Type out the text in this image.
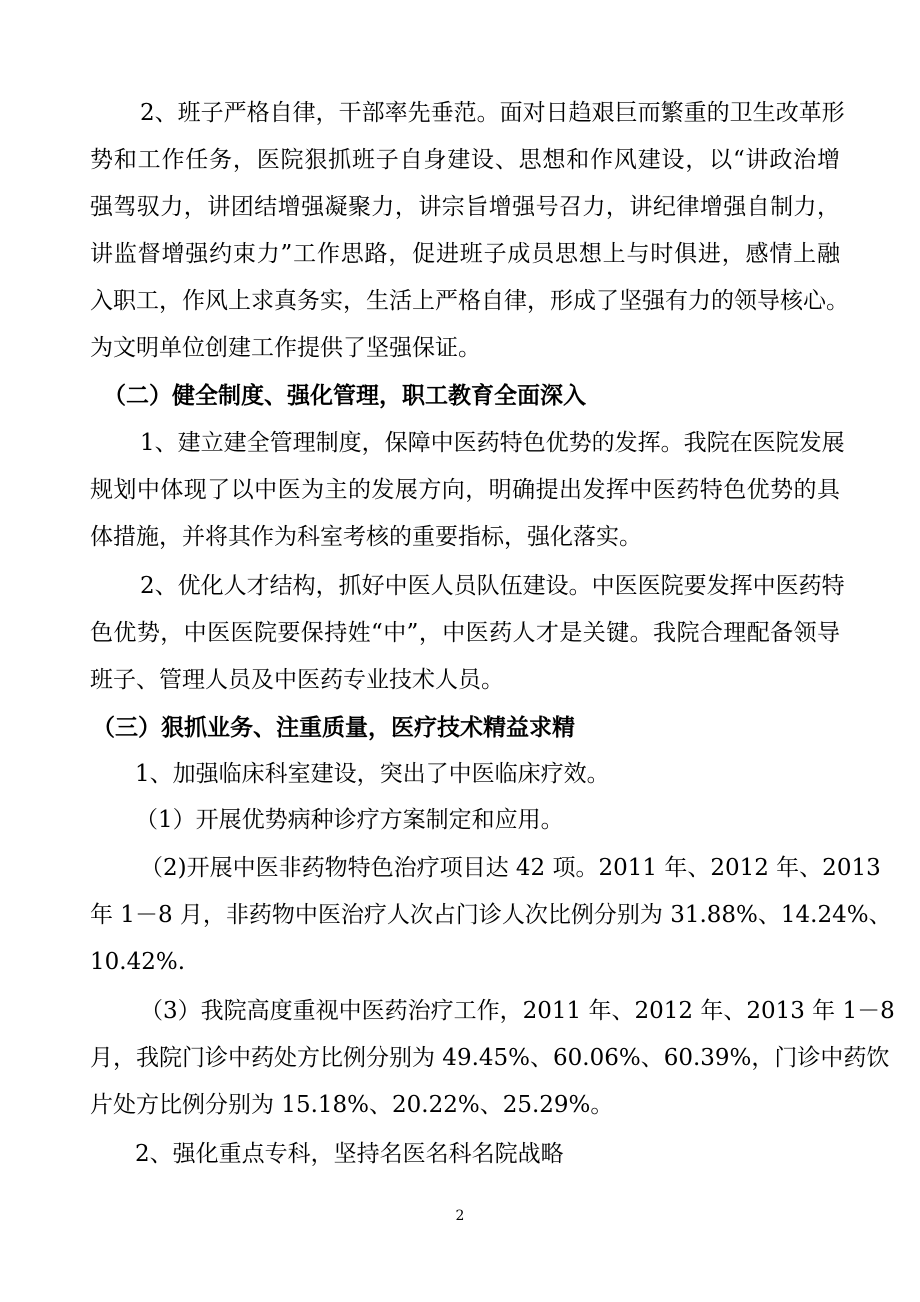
2、班子严格自律，干部率先垂范。面对日趋艰巨而繁重的卫生改革形
势和工作任务，医院狠抓班子自身建设、思想和作风建设，以“讲政治增
强驾驭力，讲团结增强凝聚力，讲宗旨增强号召力，讲纪律增强自制力，
讲监督增强约束力”工作思路，促进班子成员思想上与时俱进，感情上融
入职工，作风上求真务实，生活上严格自律，形成了坚强有力的领导核心。
为文明单位创建工作提供了坚强保证。
（二）健全制度、强化管理，职工教育全面深入
1、建立建全管理制度，保障中医药特色优势的发挥。我院在医院发展
规划中体现了以中医为主的发展方向，明确提出发挥中医药特色优势的具
体措施，并将其作为科室考核的重要指标，强化落实。
2、优化人才结构，抓好中医人员队伍建设。中医医院要发挥中医药特
色优势，中医医院要保持姓“中”，中医药人才是关键。我院合理配备领导
班子、管理人员及中医药专业技术人员。
（三）狠抓业务、注重质量，医疗技术精益求精
1、加强临床科室建设，突出了中医临床疗效。
（1）开展优势病种诊疗方案制定和应用。
（2)开展中医非药物特色治疗项目达 42 项。2011 年、2012 年、2013
年 1－8 月，非药物中医治疗人次占门诊人次比例分别为 31.88%、14.24%、
10.42%.
（3）我院高度重视中医药治疗工作，2011 年、2012 年、2013 年 1－8
月，我院门诊中药处方比例分别为 49.45%、60.06%、60.39%，门诊中药饮
片处方比例分别为 15.18%、20.22%、25.29%。
2、强化重点专科，坚持名医名科名院战略
2
